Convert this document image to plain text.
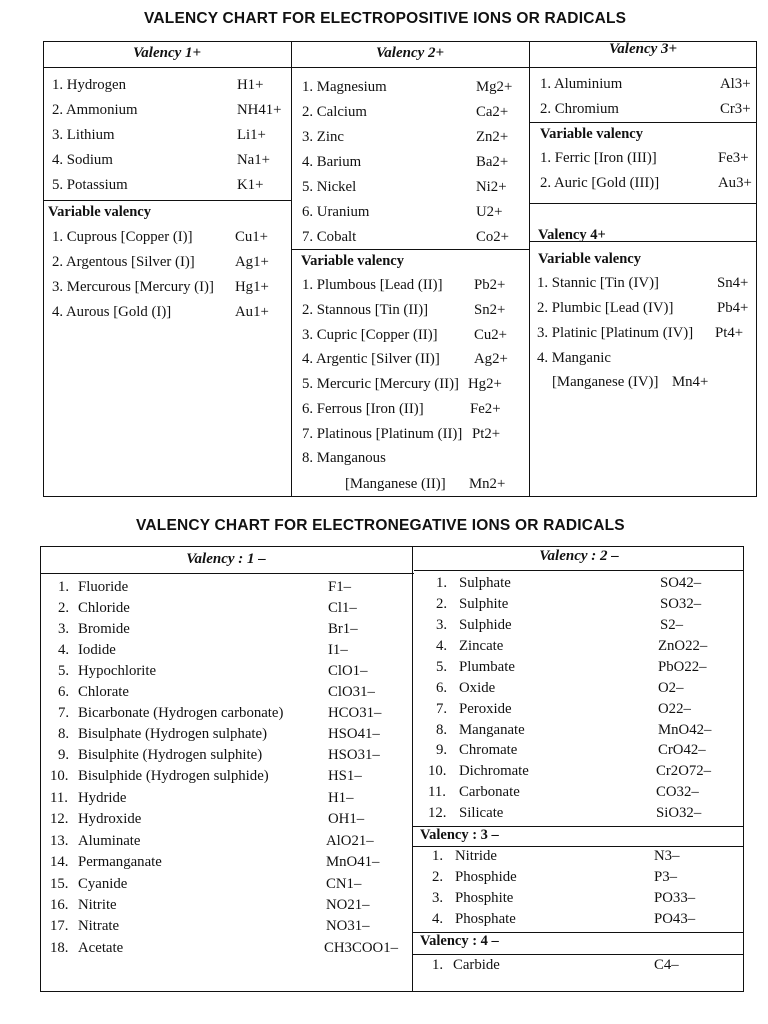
VALENCY CHART FOR ELECTROPOSITIVE IONS OR RADICALS
Valency 1+	Valency 2+	Valency 3+
1. Hydrogen	H1+
2. Ammonium	NH41+
3. Lithium	Li1+
4. Sodium	Na1+
5. Potassium	K1+
Variable valency
1. Cuprous [Copper (I)]	Cu1+
2. Argentous [Silver (I)]	Ag1+
3. Mercurous [Mercury (I)] Hg1+
4. Aurous [Gold (I)]	Au1+
1. Magnesium	Mg2+
2. Calcium	Ca2+
3. Zinc	Zn2+
4. Barium	Ba2+
5. Nickel	Ni2+
6. Uranium	U2+
7. Cobalt	Co2+
Variable valency
1. Plumbous [Lead (II)] Pb2+
2. Stannous [Tin (II)]	Sn2+
3. Cupric [Copper (II)] Cu2+
4. Argentic [Silver (II)] Ag2+
5. Mercuric [Mercury (II)] Hg2+
6. Ferrous [Iron (II)]	Fe2+
7. Platinous [Platinum (II)] Pt2+
8. Manganous
[Manganese (II)] Mn2+
1. Aluminium	Al3+
2. Chromium	Cr3+
Variable valency
1. Ferric [Iron (III)]	Fe3+
2. Auric [Gold (III)]	Au3+
Valency 4+
Variable valency
1. Stannic [Tin (IV)]	Sn4+
2. Plumbic [Lead (IV)]	Pb4+
3. Platinic [Platinum (IV)] Pt4+
4. Manganic
[Manganese (IV)] Mn4+
VALENCY CHART FOR ELECTRONEGATIVE IONS OR RADICALS
Valency : 1 –	Valency : 2 –
1. Fluoride	F1–
2. Chloride	Cl1–
3. Bromide	Br1–
4. Iodide	I1–
5. Hypochlorite	ClO1–
6. Chlorate	ClO31–
7. Bicarbonate (Hydrogen carbonate)	HCO31–
8. Bisulphate (Hydrogen sulphate)	HSO41–
9. Bisulphite (Hydrogen sulphite)	HSO31–
10. Bisulphide (Hydrogen sulphide)	HS1–
11. Hydride	H1–
12. Hydroxide	OH1–
13. Aluminate	AlO21–
14. Permanganate	MnO41–
15. Cyanide	CN1–
16. Nitrite	NO21–
17. Nitrate	NO31–
18. Acetate	CH3COO1–
1. Sulphate	SO42–
2. Sulphite	SO32–
3. Sulphide	S2–
4. Zincate	ZnO22–
5. Plumbate	PbO22–
6. Oxide	O2–
7. Peroxide	O22–
8. Manganate	MnO42–
9. Chromate	CrO42–
10. Dichromate	Cr2O72–
11. Carbonate	CO32–
12. Silicate	SiO32–
Valency : 3 –
1. Nitride	N3–
2. Phosphide	P3–
3. Phosphite	PO33–
4. Phosphate	PO43–
Valency : 4 –
1. Carbide	C4–
